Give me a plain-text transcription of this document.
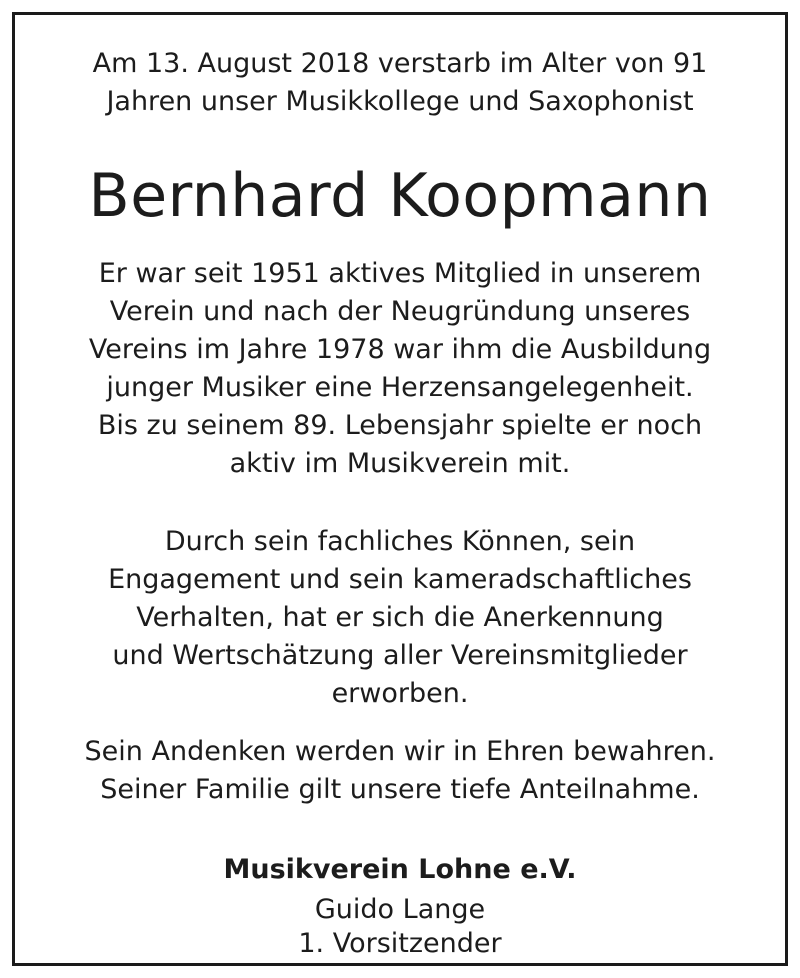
Am 13. August 2018 verstarb im Alter von 91
Jahren unser Musikkollege und Saxophonist
Bernhard Koopmann
Er war seit 1951 aktives Mitglied in unserem
Verein und nach der Neugründung unseres
Vereins im Jahre 1978 war ihm die Ausbildung
junger Musiker eine Herzensangelegenheit.
Bis zu seinem 89. Lebensjahr spielte er noch
aktiv im Musikverein mit.
Durch sein fachliches Können, sein
Engagement und sein kameradschaftliches
Verhalten, hat er sich die Anerkennung
und Wertschätzung aller Vereinsmitglieder
erworben.
Sein Andenken werden wir in Ehren bewahren.
Seiner Familie gilt unsere tiefe Anteilnahme.
Musikverein Lohne e.V.
Guido Lange
1. Vorsitzender
